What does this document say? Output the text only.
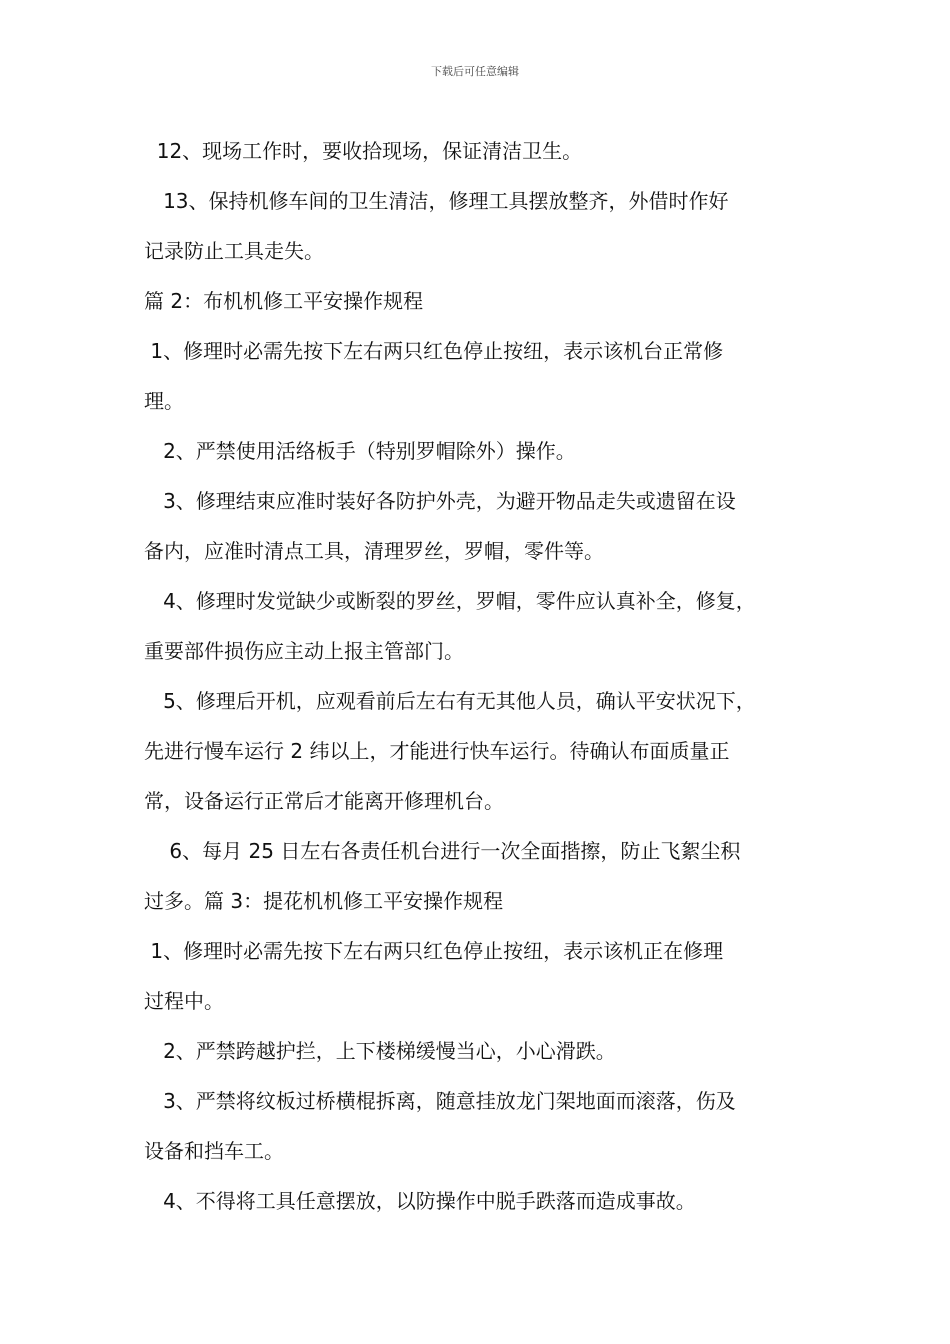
下载后可任意编辑
12、现场工作时，要收拾现场，保证清洁卫生。
13、保持机修车间的卫生清洁，修理工具摆放整齐，外借时作好
记录防止工具走失。
篇 2：布机机修工平安操作规程
1、修理时必需先按下左右两只红色停止按纽，表示该机台正常修
理。
2、严禁使用活络板手（特别罗帽除外）操作。
3、修理结束应准时装好各防护外壳，为避开物品走失或遗留在设
备内，应准时清点工具，清理罗丝，罗帽，零件等。
4、修理时发觉缺少或断裂的罗丝，罗帽，零件应认真补全，修复，
重要部件损伤应主动上报主管部门。
5、修理后开机，应观看前后左右有无其他人员，确认平安状况下，
先进行慢车运行 2 纬以上，才能进行快车运行。待确认布面质量正
常，设备运行正常后才能离开修理机台。
6、每月 25 日左右各责任机台进行一次全面揩擦，防止飞絮尘积
过多。篇 3：提花机机修工平安操作规程
1、修理时必需先按下左右两只红色停止按纽，表示该机正在修理
过程中。
2、严禁跨越护拦，上下楼梯缓慢当心，小心滑跌。
3、严禁将纹板过桥横棍拆离，随意挂放龙门架地面而滚落，伤及
设备和挡车工。
4、不得将工具任意摆放，以防操作中脱手跌落而造成事故。
